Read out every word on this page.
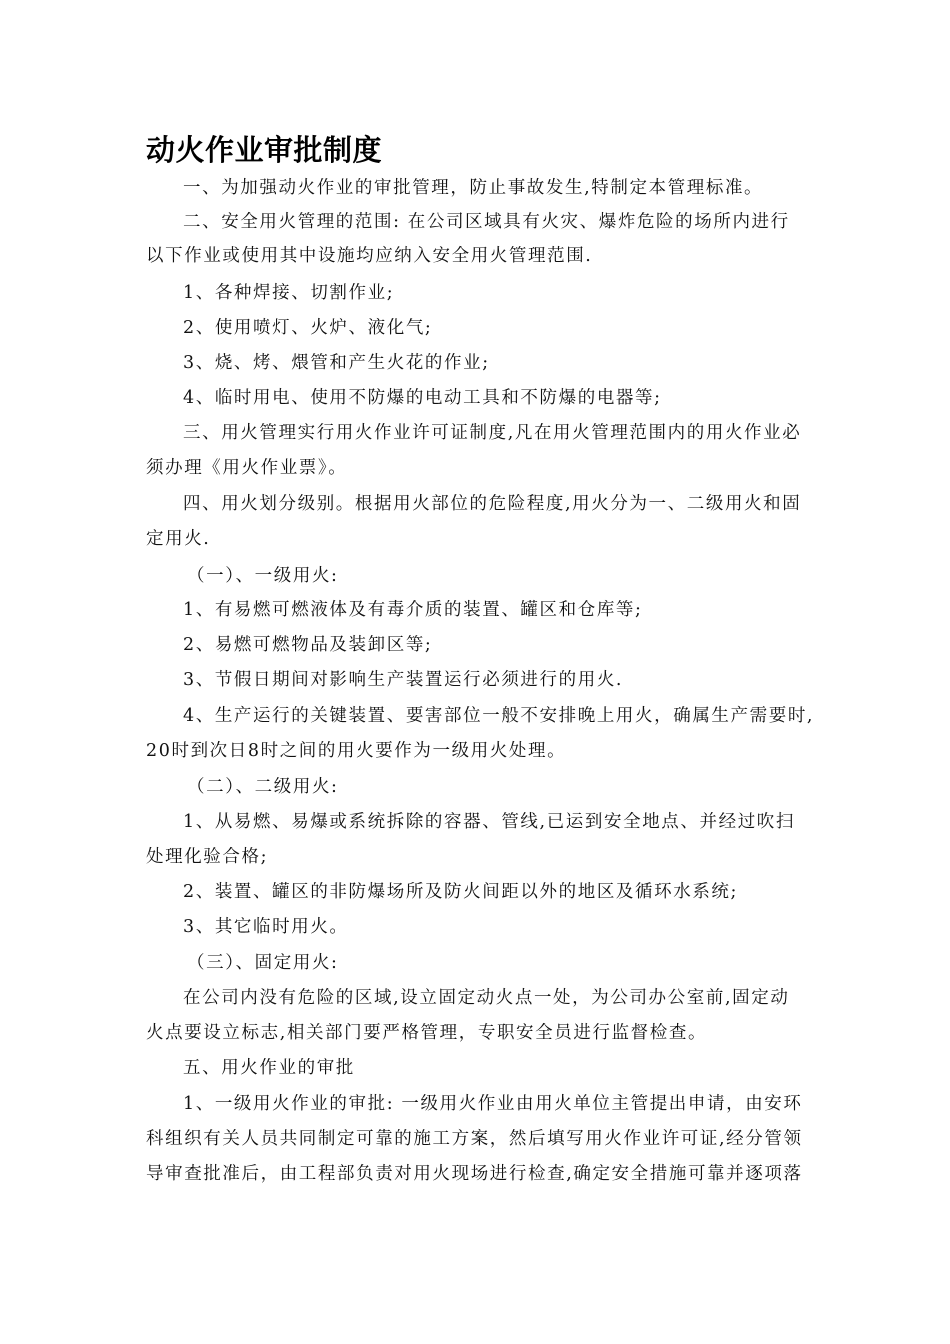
动火作业审批制度
一、为加强动火作业的审批管理，防止事故发生,特制定本管理标准。
二、安全用火管理的范围: 在公司区域具有火灾、爆炸危险的场所内进行
以下作业或使用其中设施均应纳入安全用火管理范围.
1、各种焊接、切割作业;
2、使用喷灯、火炉、液化气;
3、烧、烤、煨管和产生火花的作业;
4、临时用电、使用不防爆的电动工具和不防爆的电器等;
三、用火管理实行用火作业许可证制度,凡在用火管理范围内的用火作业必
须办理《用火作业票》。
四、用火划分级别。根据用火部位的危险程度,用火分为一、二级用火和固
定用火.
（一）、一级用火:
1、有易燃可燃液体及有毒介质的装置、罐区和仓库等;
2、易燃可燃物品及装卸区等;
3、节假日期间对影响生产装置运行必须进行的用火.
4、生产运行的关键装置、要害部位一般不安排晚上用火，确属生产需要时,
20时到次日8时之间的用火要作为一级用火处理。
（二）、二级用火:
1、从易燃、易爆或系统拆除的容器、管线,已运到安全地点、并经过吹扫
处理化验合格;
2、装置、罐区的非防爆场所及防火间距以外的地区及循环水系统;
3、其它临时用火。
（三）、固定用火:
在公司内没有危险的区域,设立固定动火点一处，为公司办公室前,固定动
火点要设立标志,相关部门要严格管理，专职安全员进行监督检查。
五、用火作业的审批
1、一级用火作业的审批: 一级用火作业由用火单位主管提出申请，由安环
科组织有关人员共同制定可靠的施工方案，然后填写用火作业许可证,经分管领
导审查批准后，由工程部负责对用火现场进行检查,确定安全措施可靠并逐项落
